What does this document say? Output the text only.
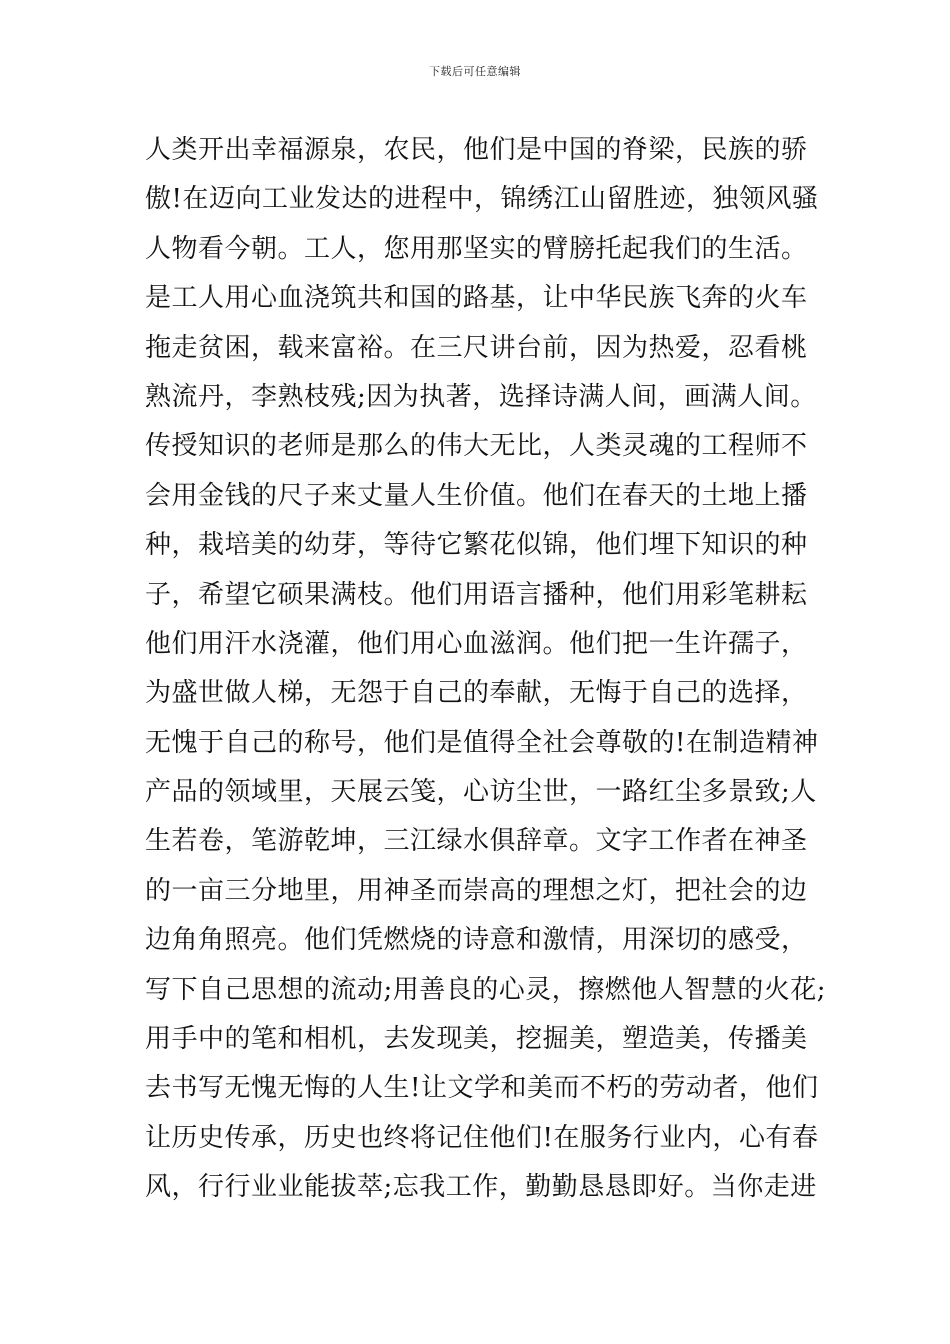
下载后可任意编辑
人类开出幸福源泉，农民，他们是中国的脊梁，民族的骄
傲!在迈向工业发达的进程中，锦绣江山留胜迹，独领风骚
人物看今朝。工人，您用那坚实的臂膀托起我们的生活。
是工人用心血浇筑共和国的路基，让中华民族飞奔的火车
拖走贫困，载来富裕。在三尺讲台前，因为热爱，忍看桃
熟流丹，李熟枝残;因为执著，选择诗满人间，画满人间。
传授知识的老师是那么的伟大无比，人类灵魂的工程师不
会用金钱的尺子来丈量人生价值。他们在春天的土地上播
种，栽培美的幼芽，等待它繁花似锦，他们埋下知识的种
子，希望它硕果满枝。他们用语言播种，他们用彩笔耕耘
他们用汗水浇灌，他们用心血滋润。他们把一生许孺子，
为盛世做人梯，无怨于自己的奉献，无悔于自己的选择，
无愧于自己的称号，他们是值得全社会尊敬的!在制造精神
产品的领域里，天展云笺，心访尘世，一路红尘多景致;人
生若卷，笔游乾坤，三江绿水俱辞章。文字工作者在神圣
的一亩三分地里，用神圣而崇高的理想之灯，把社会的边
边角角照亮。他们凭燃烧的诗意和激情，用深切的感受，
写下自己思想的流动;用善良的心灵，擦燃他人智慧的火花;
用手中的笔和相机，去发现美，挖掘美，塑造美，传播美
去书写无愧无悔的人生!让文学和美而不朽的劳动者，他们
让历史传承，历史也终将记住他们!在服务行业内，心有春
风，行行业业能拔萃;忘我工作，勤勤恳恳即好。当你走进
